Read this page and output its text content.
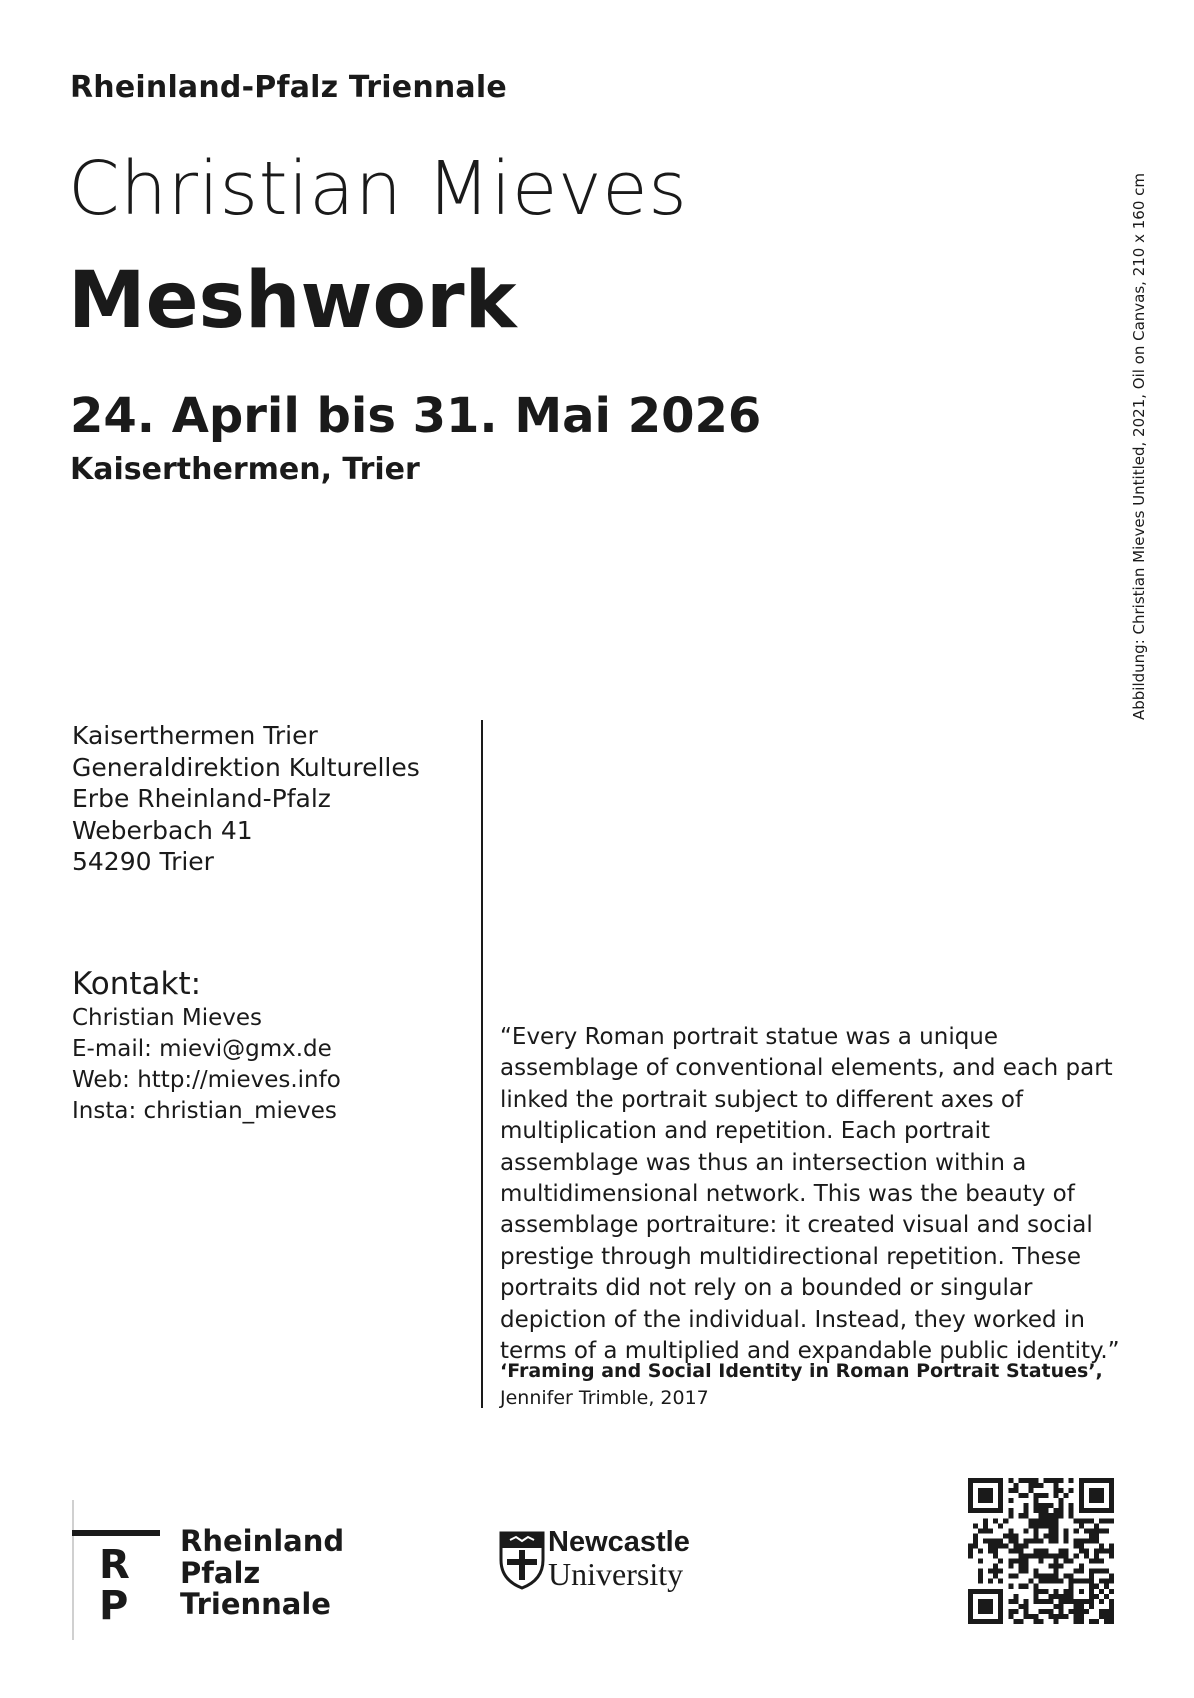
Rheinland-Pfalz Triennale
Christian Mieves
Meshwork
24. April bis 31. Mai 2026
Kaiserthermen, Trier	Abbildung: Christian Mieves Untitled, 2021, Oil on Canvas, 210 x 160 cm
Kaiserthermen Trier
Generaldirektion Kulturelles
Erbe Rheinland-Pfalz
Weberbach 41
54290 Trier
Kontakt:
Christian Mieves
E-mail: mievi@gmx.de
Web: http://mieves.info
Insta: christian_mieves
“Every Roman portrait statue was a unique assemblage of conventional elements, and each part linked the portrait subject to different axes of multiplication and repetition. Each portrait assemblage was thus an intersection within a multidimensional network. This was the beauty of assemblage portraiture: it created visual and social prestige through multidirectional repetition. These portraits did not rely on a bounded or singular depiction of the individual. Instead, they worked in terms of a multiplied and expandable public identity.”
‘Framing and Social Identity in Roman Portrait Statues’,
Jennifer Trimble, 2017
R
P
Rheinland
Pfalz
Triennale
Newcastle
University
